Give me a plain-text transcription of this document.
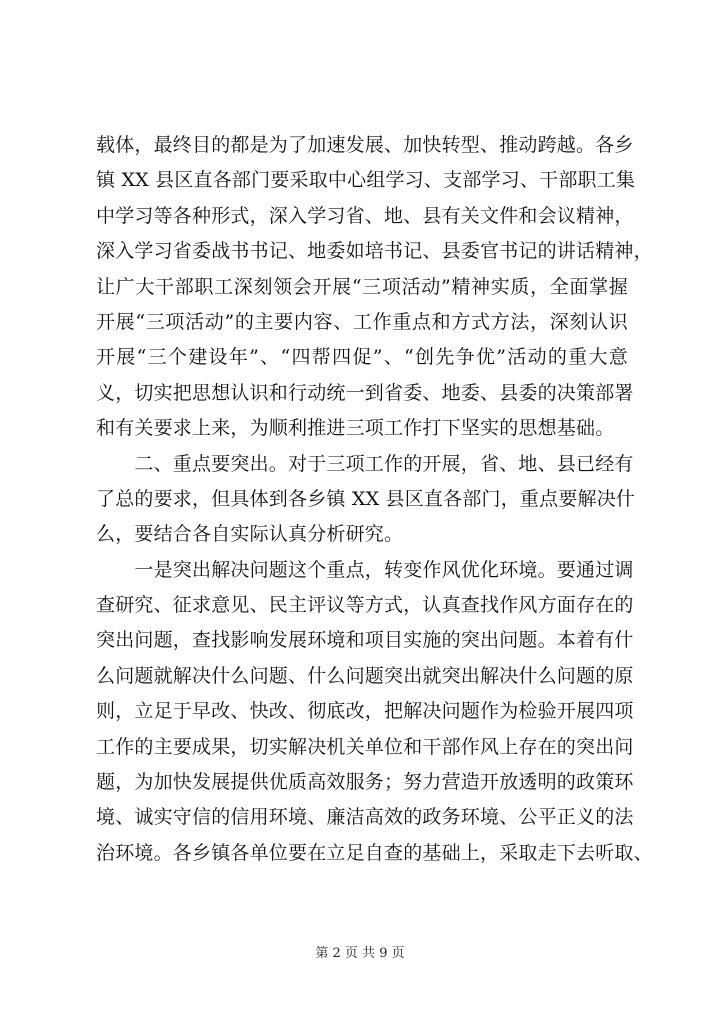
载体，最终目的都是为了加速发展、加快转型、推动跨越。各乡
镇 XX 县区直各部门要采取中心组学习、支部学习、干部职工集
中学习等各种形式，深入学习省、地、县有关文件和会议精神，
深入学习省委战书书记、地委如培书记、县委官书记的讲话精神，
让广大干部职工深刻领会开展“三项活动”精神实质，全面掌握
开展“三项活动”的主要内容、工作重点和方式方法，深刻认识
开展“三个建设年”、“四帮四促”、“创先争优”活动的重大意
义，切实把思想认识和行动统一到省委、地委、县委的决策部署
和有关要求上来，为顺利推进三项工作打下坚实的思想基础。
　　二、重点要突出。对于三项工作的开展，省、地、县已经有
了总的要求，但具体到各乡镇 XX 县区直各部门，重点要解决什
么，要结合各自实际认真分析研究。
　　一是突出解决问题这个重点，转变作风优化环境。要通过调
查研究、征求意见、民主评议等方式，认真查找作风方面存在的
突出问题，查找影响发展环境和项目实施的突出问题。本着有什
么问题就解决什么问题、什么问题突出就突出解决什么问题的原
则，立足于早改、快改、彻底改，把解决问题作为检验开展四项
工作的主要成果，切实解决机关单位和干部作风上存在的突出问
题，为加快发展提供优质高效服务；努力营造开放透明的政策环
境、诚实守信的信用环境、廉洁高效的政务环境、公平正义的法
治环境。各乡镇各单位要在立足自查的基础上，采取走下去听取、
第 2 页 共 9 页
